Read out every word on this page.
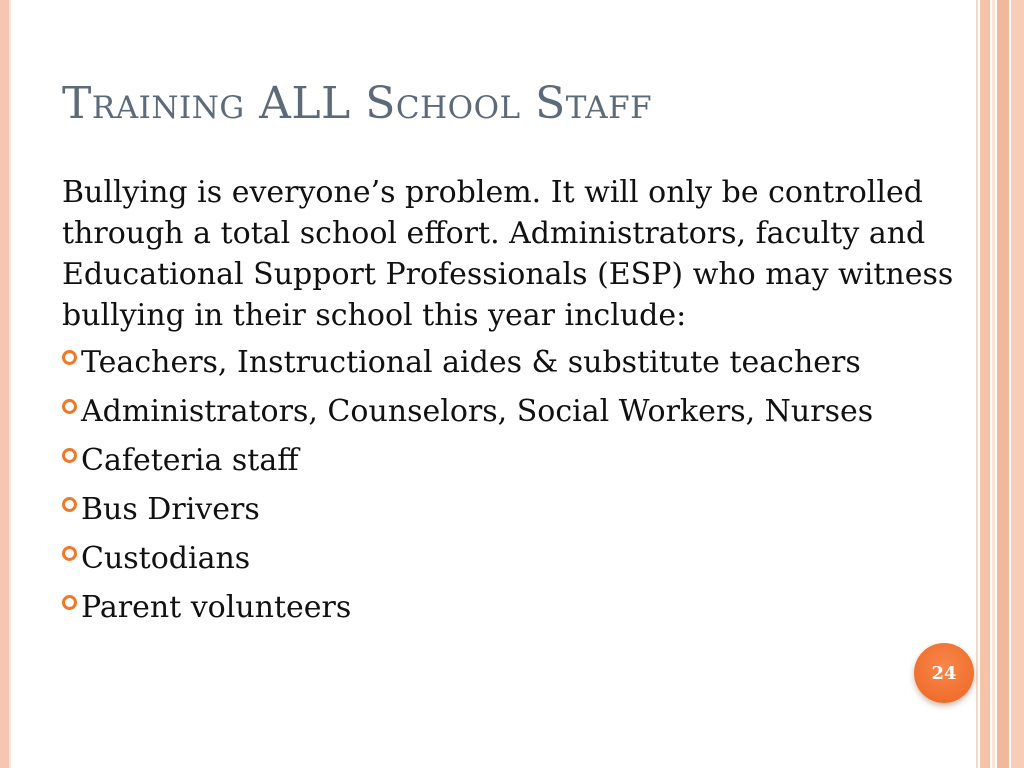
Training ALL School Staff

Bullying is everyone’s problem. It will only be controlled through a total school effort. Administrators, faculty and Educational Support Professionals (ESP) who may witness bullying in their school this year include:

Teachers, Instructional aides & substitute teachers
Administrators, Counselors, Social Workers, Nurses
Cafeteria staff
Bus Drivers
Custodians
Parent volunteers
24
